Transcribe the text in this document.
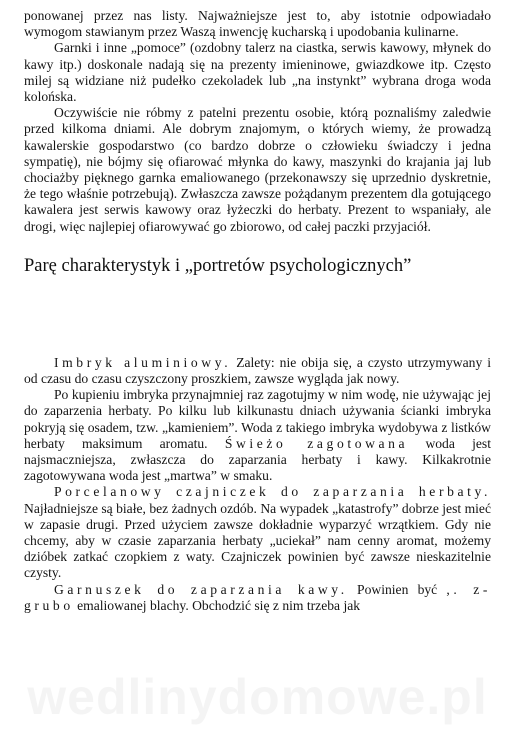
ponowanej przez nas listy. Najważniejsze jest to, aby istotnie odpowiadało wymogom stawianym przez Waszą inwencję kucharską i upodobania kulinarne.

Garnki i inne „pomoce” (ozdobny talerz na ciastka, serwis kawowy, młynek do kawy itp.) doskonale nadają się na prezenty imieninowe, gwiazdkowe itp. Często milej są widziane niż pudełko czekoladek lub „na instynkt” wybrana droga woda kolońska.

Oczywiście nie róbmy z patelni prezentu osobie, którą poznaliśmy zaledwie przed kilkoma dniami. Ale dobrym znajomym, o których wiemy, że prowadzą kawalerskie gospodarstwo (co bardzo dobrze o człowieku świadczy i jedna sympatię), nie bójmy się ofiarować młynka do kawy, maszynki do krajania jaj lub chociażby pięknego garnka emaliowanego (przekonawszy się uprzednio dyskretnie, że tego właśnie potrzebują). Zwłaszcza zawsze pożądanym prezentem dla gotującego kawalera jest serwis kawowy oraz łyżeczki do herbaty. Prezent to wspaniały, ale drogi, więc najlepiej ofiarowywać go zbiorowo, od całej paczki przyjaciół.

Parę charakterystyk i „portretów psychologicznych”

Imbryk aluminiowy. Zalety: nie obija się, a czysto utrzymywany i od czasu do czasu czyszczony proszkiem, zawsze wygląda jak nowy.

Po kupieniu imbryka przynajmniej raz zagotujmy w nim wodę, nie używając jej do zaparzenia herbaty. Po kilku lub kilkunastu dniach używania ścianki imbryka pokryją się osadem, tzw. „kamieniem”. Woda z takiego imbryka wydobywa z listków herbaty maksimum aromatu. Świeżo zagotowana woda jest najsmaczniejsza, zwłaszcza do zaparzania herbaty i kawy. Kilkakrotnie zagotowywana woda jest „martwa” w smaku.

Porcelanowy czajniczek do zaparzania herbaty. Najładniejsze są białe, bez żadnych ozdób. Na wypadek „katastrofy” dobrze jest mieć w zapasie drugi. Przed użyciem zawsze dokładnie wyparzyć wrzątkiem. Gdy nie chcemy, aby w czasie zaparzania herbaty „uciekał” nam cenny aromat, możemy dzióbek zatkać czopkiem z waty. Czajniczek powinien być zawsze nieskazitelnie czysty.

Garnuszek do zaparzania kawy. Powinien być ,. z-grubo emaliowanej blachy. Obchodzić się z nim trzeba jak
